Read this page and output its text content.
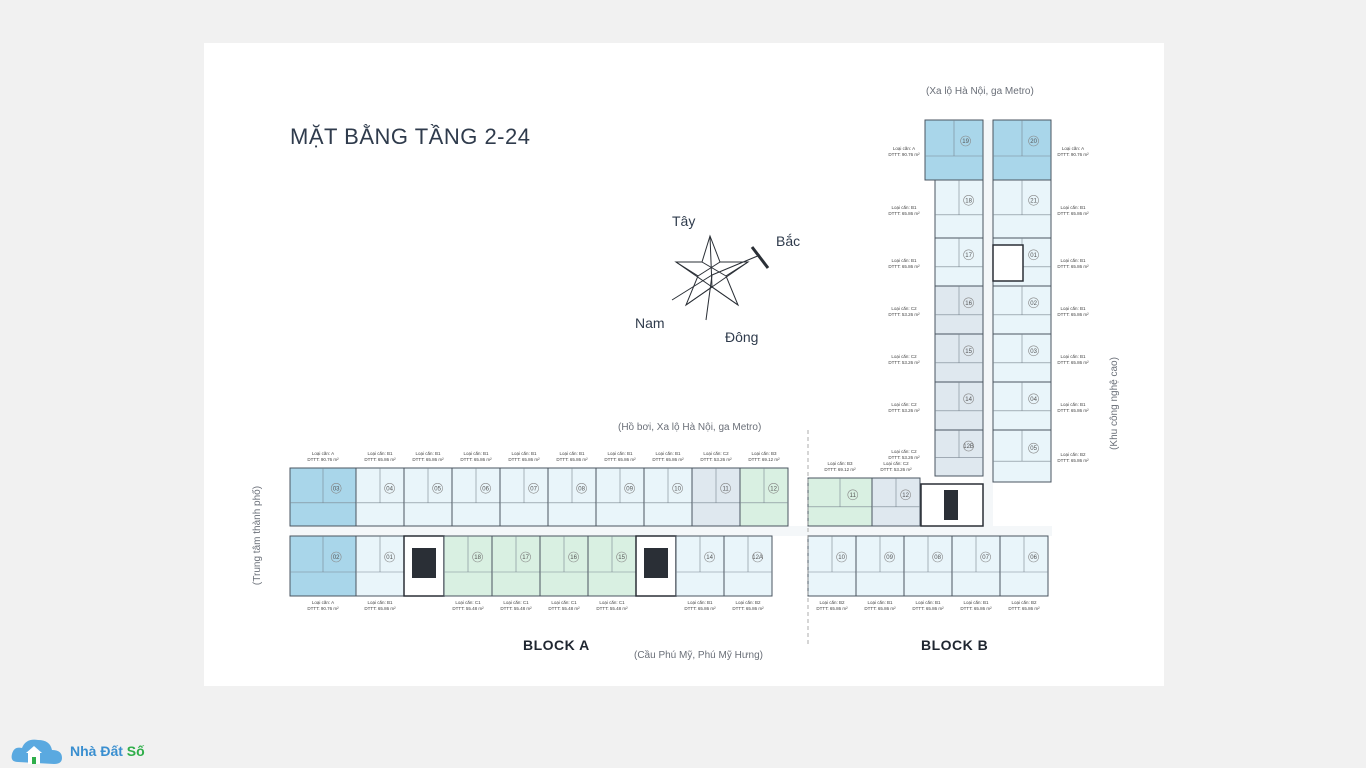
MẶT BẰNG TẦNG 2-24
(Xa lộ Hà Nội, ga Metro)
(Hồ bơi, Xa lộ Hà Nội, ga Metro)
(Cầu Phú Mỹ, Phú Mỹ Hưng)
(Trung tâm thành phố)
(Khu công nghệ cao)
BLOCK A	BLOCK B
Tây
Bắc
Nam
Đông
03
Loại căn: A
DTTT: 90.76 m²
04
Loại căn: B1
DTTT: 65.86 m²
05
Loại căn: B1
DTTT: 65.86 m²
06
Loại căn: B1
DTTT: 65.86 m²
07
Loại căn: B1
DTTT: 65.86 m²
08
Loại căn: B1
DTTT: 65.86 m²
09
Loại căn: B1
DTTT: 65.86 m²
10
Loại căn: B1
DTTT: 65.86 m²
11
Loại căn: C2
DTTT: 53.26 m²
12
Loại căn: B3
DTTT: 69.12 m²
11
Loại căn: B3
DTTT: 69.12 m²
12
Loại căn: C2
DTTT: 53.26 m²
02
Loại căn: A
DTTT: 90.76 m²
01
Loại căn: B1
DTTT: 65.86 m²
18
Loại căn: C1
DTTT: 55.48 m²
17
Loại căn: C1
DTTT: 55.48 m²
16
Loại căn: C1
DTTT: 55.48 m²
15
Loại căn: C1
DTTT: 55.48 m²
14
Loại căn: B1
DTTT: 65.86 m²
12A
Loại căn: B2
DTTT: 65.86 m²
10
Loại căn: B2
DTTT: 65.86 m²
09
Loại căn: B1
DTTT: 65.86 m²
08
Loại căn: B1
DTTT: 65.86 m²
07
Loại căn: B1
DTTT: 65.86 m²
06
Loại căn: B2
DTTT: 65.86 m²
19
Loại căn: A
DTTT: 90.76 m²
18
Loại căn: B1
DTTT: 65.86 m²
17
Loại căn: B1
DTTT: 65.86 m²
16
Loại căn: C2
DTTT: 53.26 m²
15
Loại căn: C2
DTTT: 53.26 m²
14
Loại căn: C2
DTTT: 53.26 m²
12B
Loại căn: C2
DTTT: 53.26 m²
20
Loại căn: A
DTTT: 90.76 m²
21
Loại căn: B1
DTTT: 65.86 m²
01
Loại căn: B1
DTTT: 65.86 m²
02
Loại căn: B1
DTTT: 65.86 m²
03
Loại căn: B1
DTTT: 65.86 m²
04
Loại căn: B1
DTTT: 65.86 m²
05
Loại căn: B2
DTTT: 65.86 m²
Nhà Đất Số
